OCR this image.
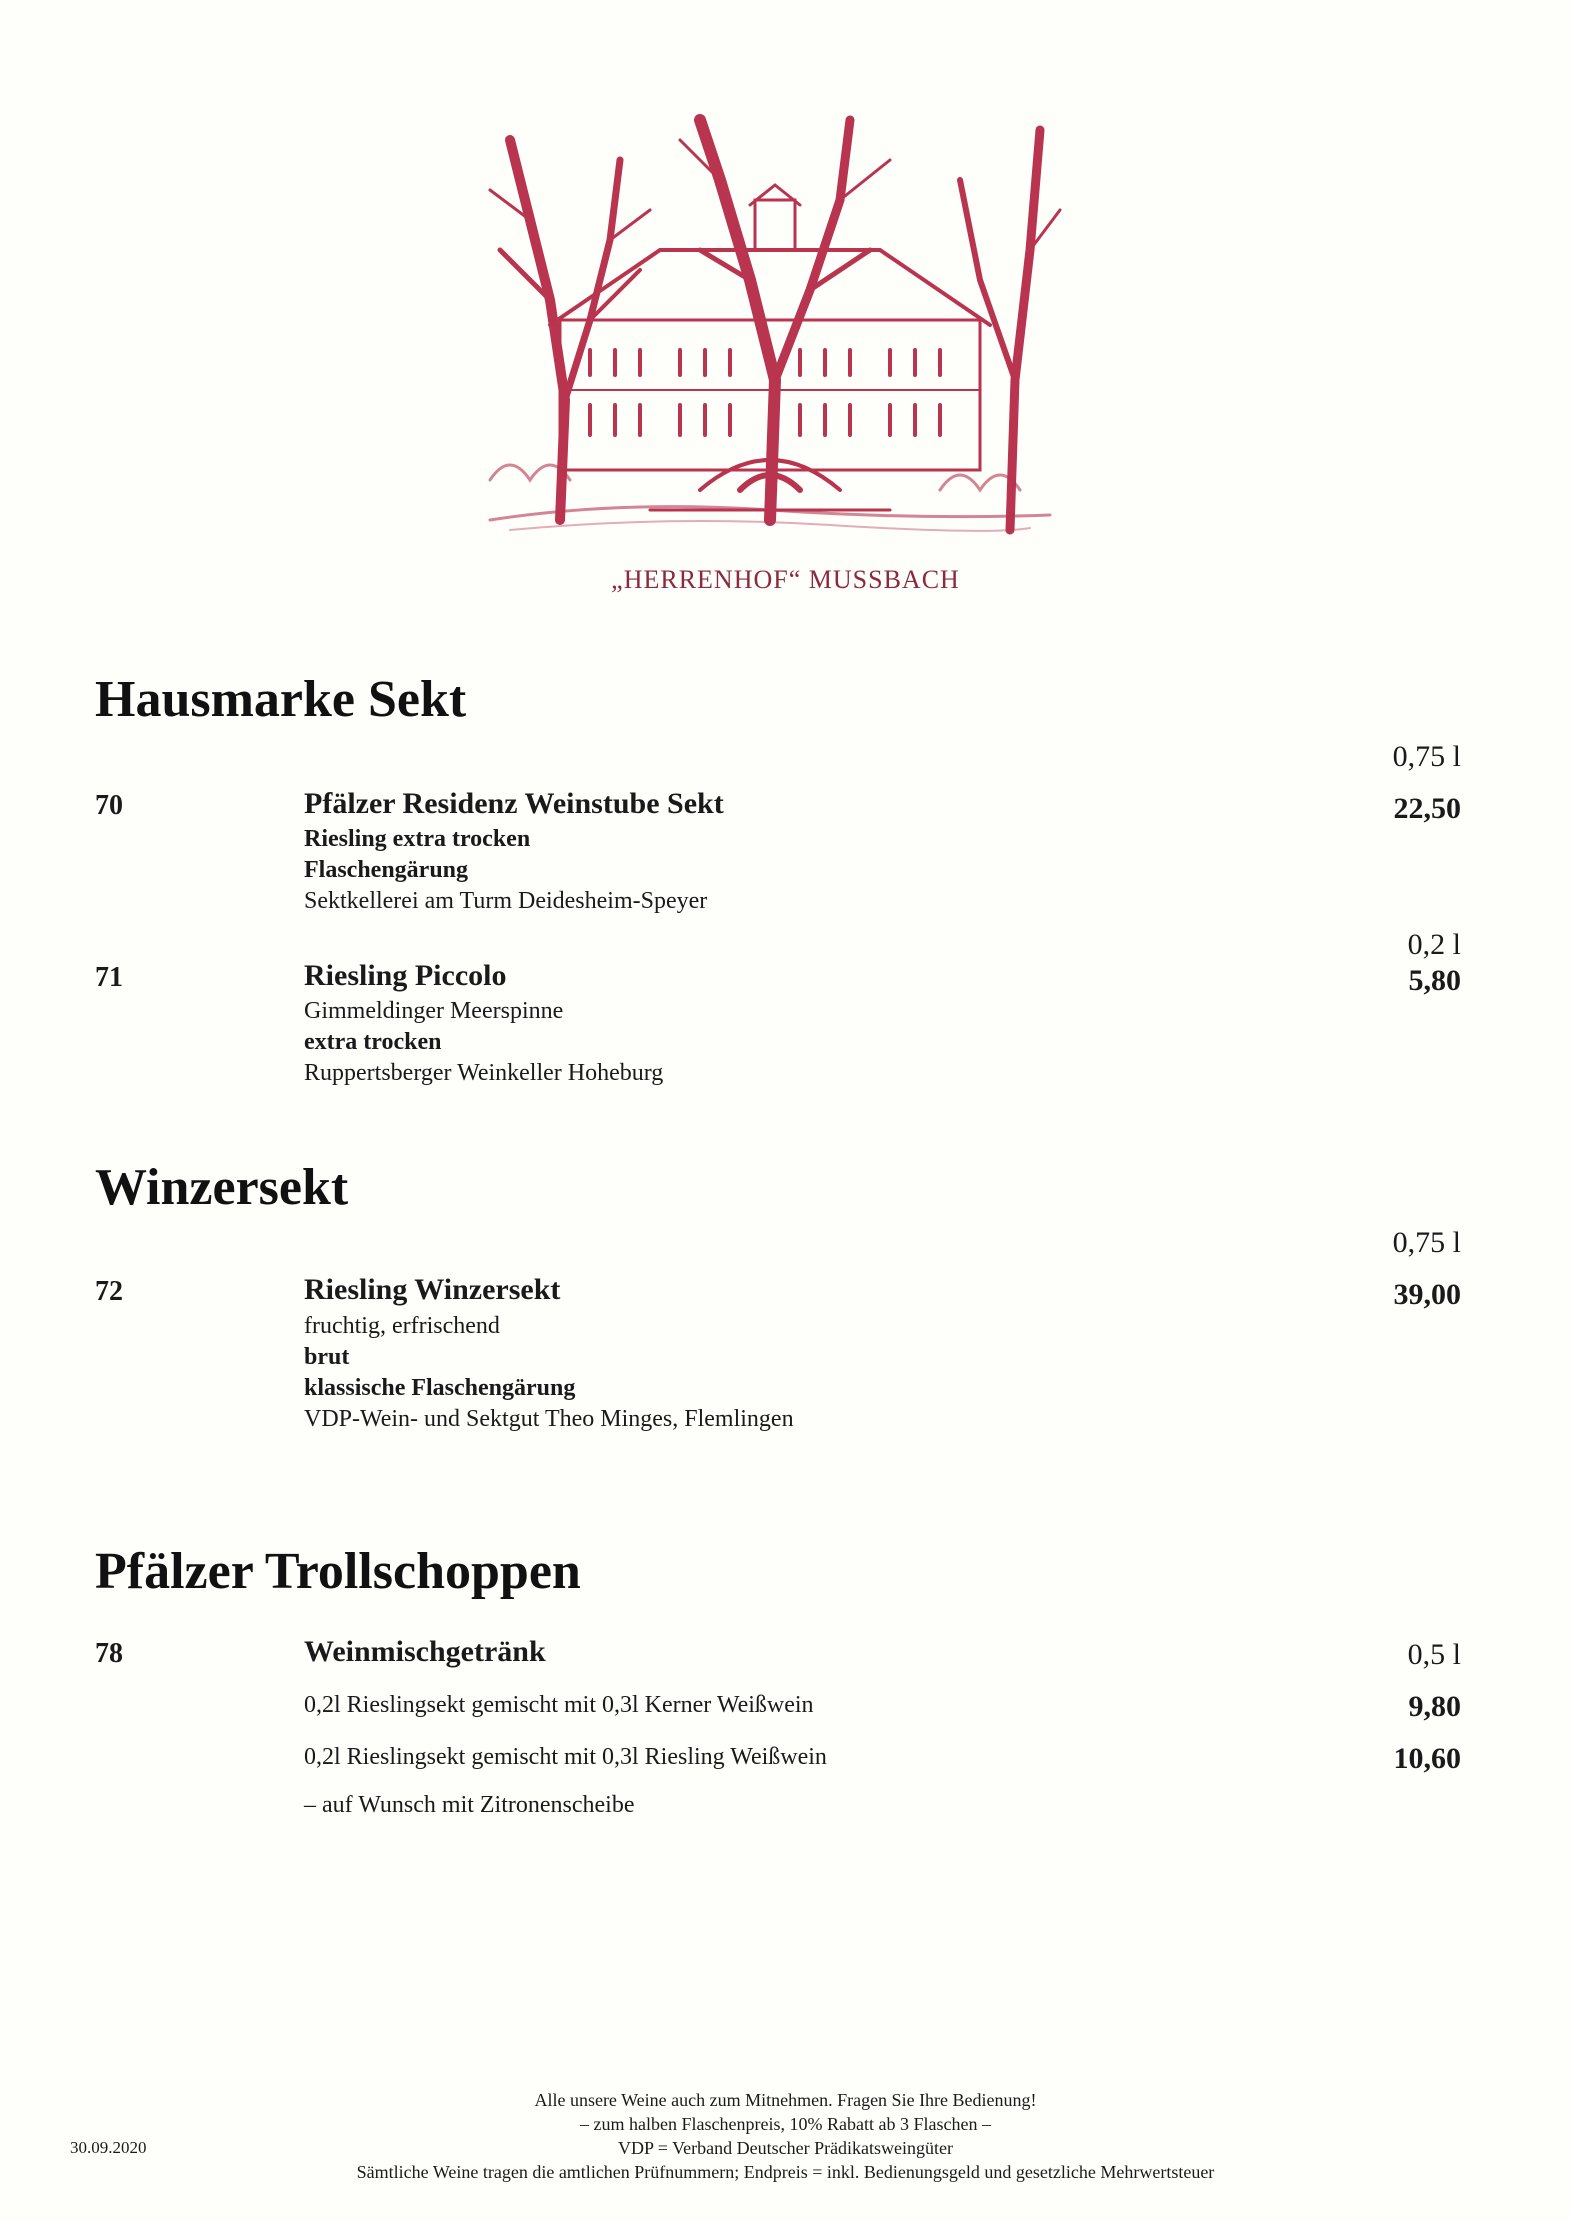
„HERRENHOF“ MUSSBACH
Hausmarke Sekt
0,75 l
70	Pfälzer Residenz Weinstube Sekt	22,50
Riesling extra trocken
Flaschengärung
Sektkellerei am Turm Deidesheim-Speyer
0,2 l
71	Riesling Piccolo	5,80
Gimmeldinger Meerspinne
extra trocken
Ruppertsberger Weinkeller Hoheburg
Winzersekt
0,75 l
72	Riesling Winzersekt	39,00
fruchtig, erfrischend
brut
klassische Flaschengärung
VDP-Wein- und Sektgut Theo Minges, Flemlingen
Pfälzer Trollschoppen
78	Weinmischgetränk	0,5 l
0,2l Rieslingsekt gemischt mit 0,3l Kerner Weißwein	9,80
0,2l Rieslingsekt gemischt mit 0,3l Riesling Weißwein	10,60
– auf Wunsch mit Zitronenscheibe
30.09.2020
Alle unsere Weine auch zum Mitnehmen. Fragen Sie Ihre Bedienung!
– zum halben Flaschenpreis, 10% Rabatt ab 3 Flaschen –
VDP = Verband Deutscher Prädikatsweingüter
Sämtliche Weine tragen die amtlichen Prüfnummern; Endpreis = inkl. Bedienungsgeld und gesetzliche Mehrwertsteuer
